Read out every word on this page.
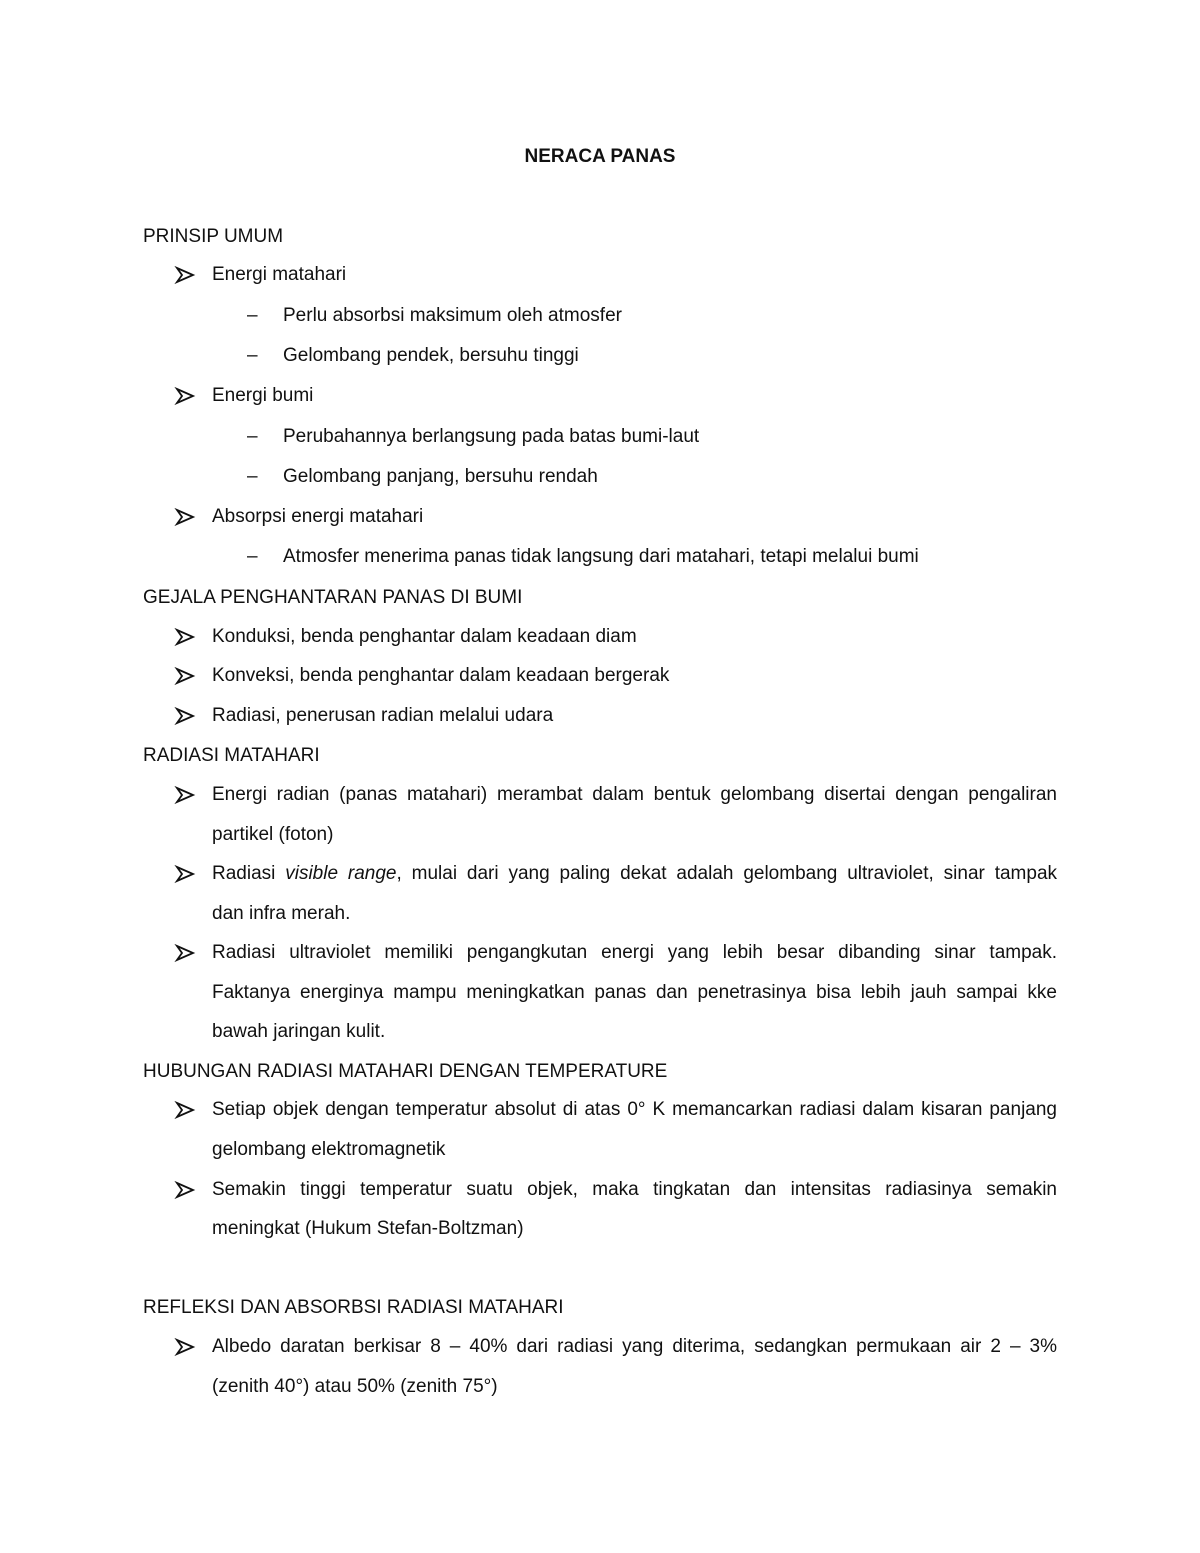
NERACA PANAS
PRINSIP UMUM
Energi matahari
– Perlu absorbsi maksimum oleh atmosfer
– Gelombang pendek, bersuhu tinggi
Energi bumi
– Perubahannya berlangsung pada batas bumi-laut
– Gelombang panjang, bersuhu rendah
Absorpsi energi matahari
– Atmosfer menerima panas tidak langsung dari matahari, tetapi melalui bumi
GEJALA PENGHANTARAN PANAS DI BUMI
Konduksi, benda penghantar dalam keadaan diam
Konveksi, benda penghantar dalam keadaan bergerak
Radiasi, penerusan radian melalui udara
RADIASI MATAHARI
Energi radian (panas matahari) merambat dalam bentuk gelombang disertai dengan pengaliran
partikel (foton)
Radiasi visible range, mulai dari yang paling dekat adalah gelombang ultraviolet, sinar tampak
dan infra merah.
Radiasi ultraviolet memiliki pengangkutan energi yang lebih besar dibanding sinar tampak.
Faktanya energinya mampu meningkatkan panas dan penetrasinya bisa lebih jauh sampai kke
bawah jaringan kulit.
HUBUNGAN RADIASI MATAHARI DENGAN TEMPERATURE
Setiap objek dengan temperatur absolut di atas 0° K memancarkan radiasi dalam kisaran panjang
gelombang elektromagnetik
Semakin tinggi temperatur suatu objek, maka tingkatan dan intensitas radiasinya semakin
meningkat (Hukum Stefan-Boltzman)
REFLEKSI DAN ABSORBSI RADIASI MATAHARI
Albedo daratan berkisar 8 – 40% dari radiasi yang diterima, sedangkan permukaan air 2 – 3%
(zenith 40°) atau 50% (zenith 75°)
